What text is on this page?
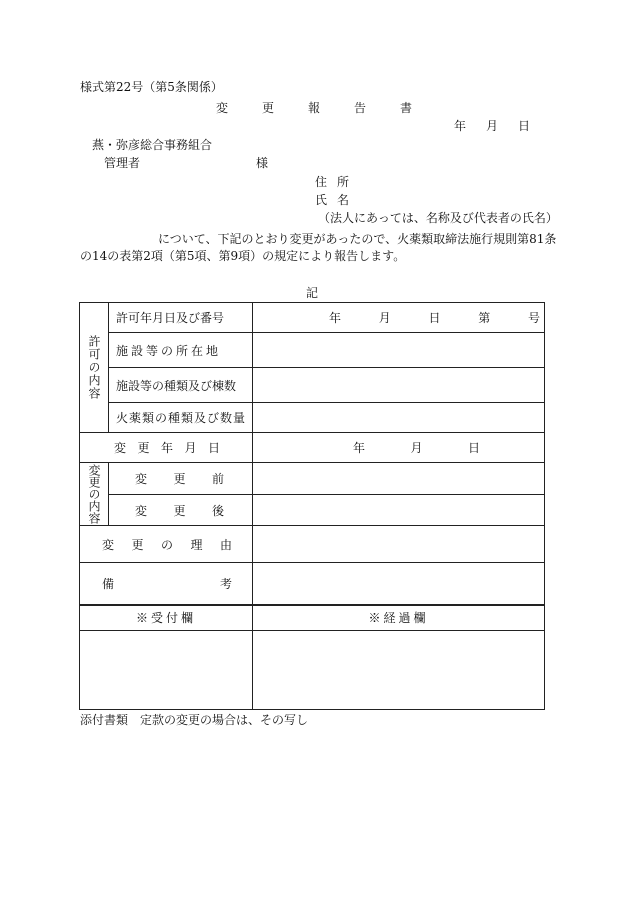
様式第22号（第5条関係）
変	更	報	告	書
年 月 日
燕・弥彦総合事務組合
管理者	様
住 所
氏 名
（法人にあっては、名称及び代表者の氏名）
について、下記のとおり変更があったので、火薬類取締法施行規則第81条
の14の表第2項（第5項、第9項）の規定により報告します。
記
許可の内容	許可年月日及び番号	年 月 日 第 号

	施設等の所在地	

	施設等の種類及び棟数	

	火薬類の種類及び数量	

変 更 年 月 日		年 月 日

変更の内容	変 更 前	

	変 更 後	

変 更 の 理 由		

備 考		

※受付欄		※経過欄

添付書類　定款の変更の場合は、その写し
